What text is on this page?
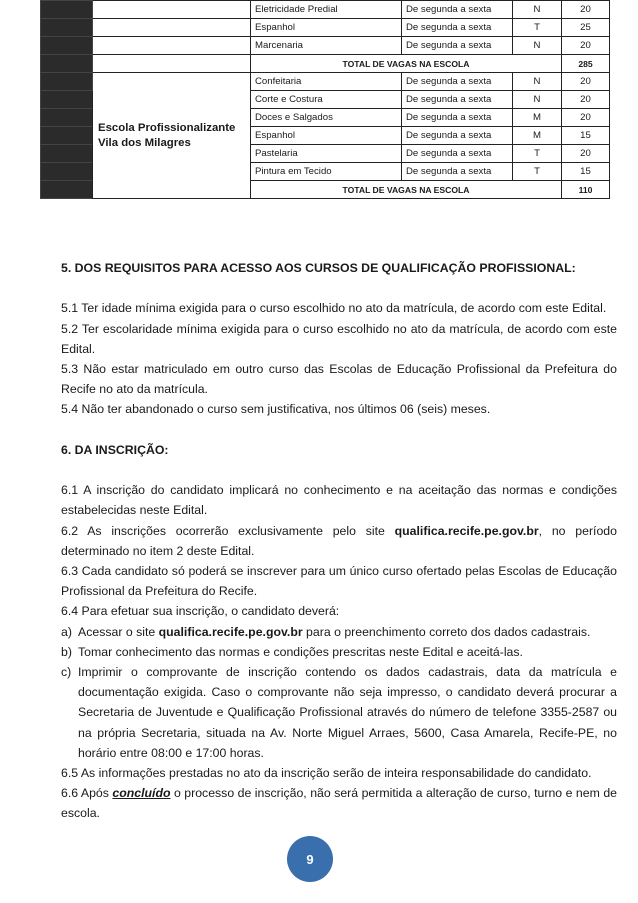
		Eletricidade Predial	De segunda a sexta	N	20
		Espanhol	De segunda a sexta	T	25
		Marcenaria	De segunda a sexta	N	20
		TOTAL DE VAGAS NA ESCOLA			285
	Escola Profissionalizante Vila dos Milagres	Confeitaria	De segunda a sexta	N	20
		Corte e Costura	De segunda a sexta	N	20
		Doces e Salgados	De segunda a sexta	M	20
		Espanhol	De segunda a sexta	M	15
		Pastelaria	De segunda a sexta	T	20
		Pintura em Tecido	De segunda a sexta	T	15
		TOTAL DE VAGAS NA ESCOLA			110

5. DOS REQUISITOS PARA ACESSO AOS CURSOS DE QUALIFICAÇÃO PROFISSIONAL:

5.1 Ter idade mínima exigida para o curso escolhido no ato da matrícula, de acordo com este Edital.

5.2 Ter escolaridade mínima exigida para o curso escolhido no ato da matrícula, de acordo com este Edital.

5.3 Não estar matriculado em outro curso das Escolas de Educação Profissional da Prefeitura do Recife no ato da matrícula.

5.4 Não ter abandonado o curso sem justificativa, nos últimos 06 (seis) meses.

6. DA INSCRIÇÃO:

6.1 A inscrição do candidato implicará no conhecimento e na aceitação das normas e condições estabelecidas neste Edital.

6.2 As inscrições ocorrerão exclusivamente pelo site qualifica.recife.pe.gov.br, no período determinado no item 2 deste Edital.

6.3 Cada candidato só poderá se inscrever para um único curso ofertado pelas Escolas de Educação Profissional da Prefeitura do Recife.

6.4 Para efetuar sua inscrição, o candidato deverá:

a) Acessar o site qualifica.recife.pe.gov.br para o preenchimento correto dos dados cadastrais.
b) Tomar conhecimento das normas e condições prescritas neste Edital e aceitá-las.
c) Imprimir o comprovante de inscrição contendo os dados cadastrais, data da matrícula e documentação exigida. Caso o comprovante não seja impresso, o candidato deverá procurar a Secretaria de Juventude e Qualificação Profissional através do número de telefone 3355-2587 ou na própria Secretaria, situada na Av. Norte Miguel Arraes, 5600, Casa Amarela, Recife-PE, no horário entre 08:00 e 17:00 horas.

6.5 As informações prestadas no ato da inscrição serão de inteira responsabilidade do candidato.

6.6 Após concluído o processo de inscrição, não será permitida a alteração de curso, turno e nem de escola.

9
